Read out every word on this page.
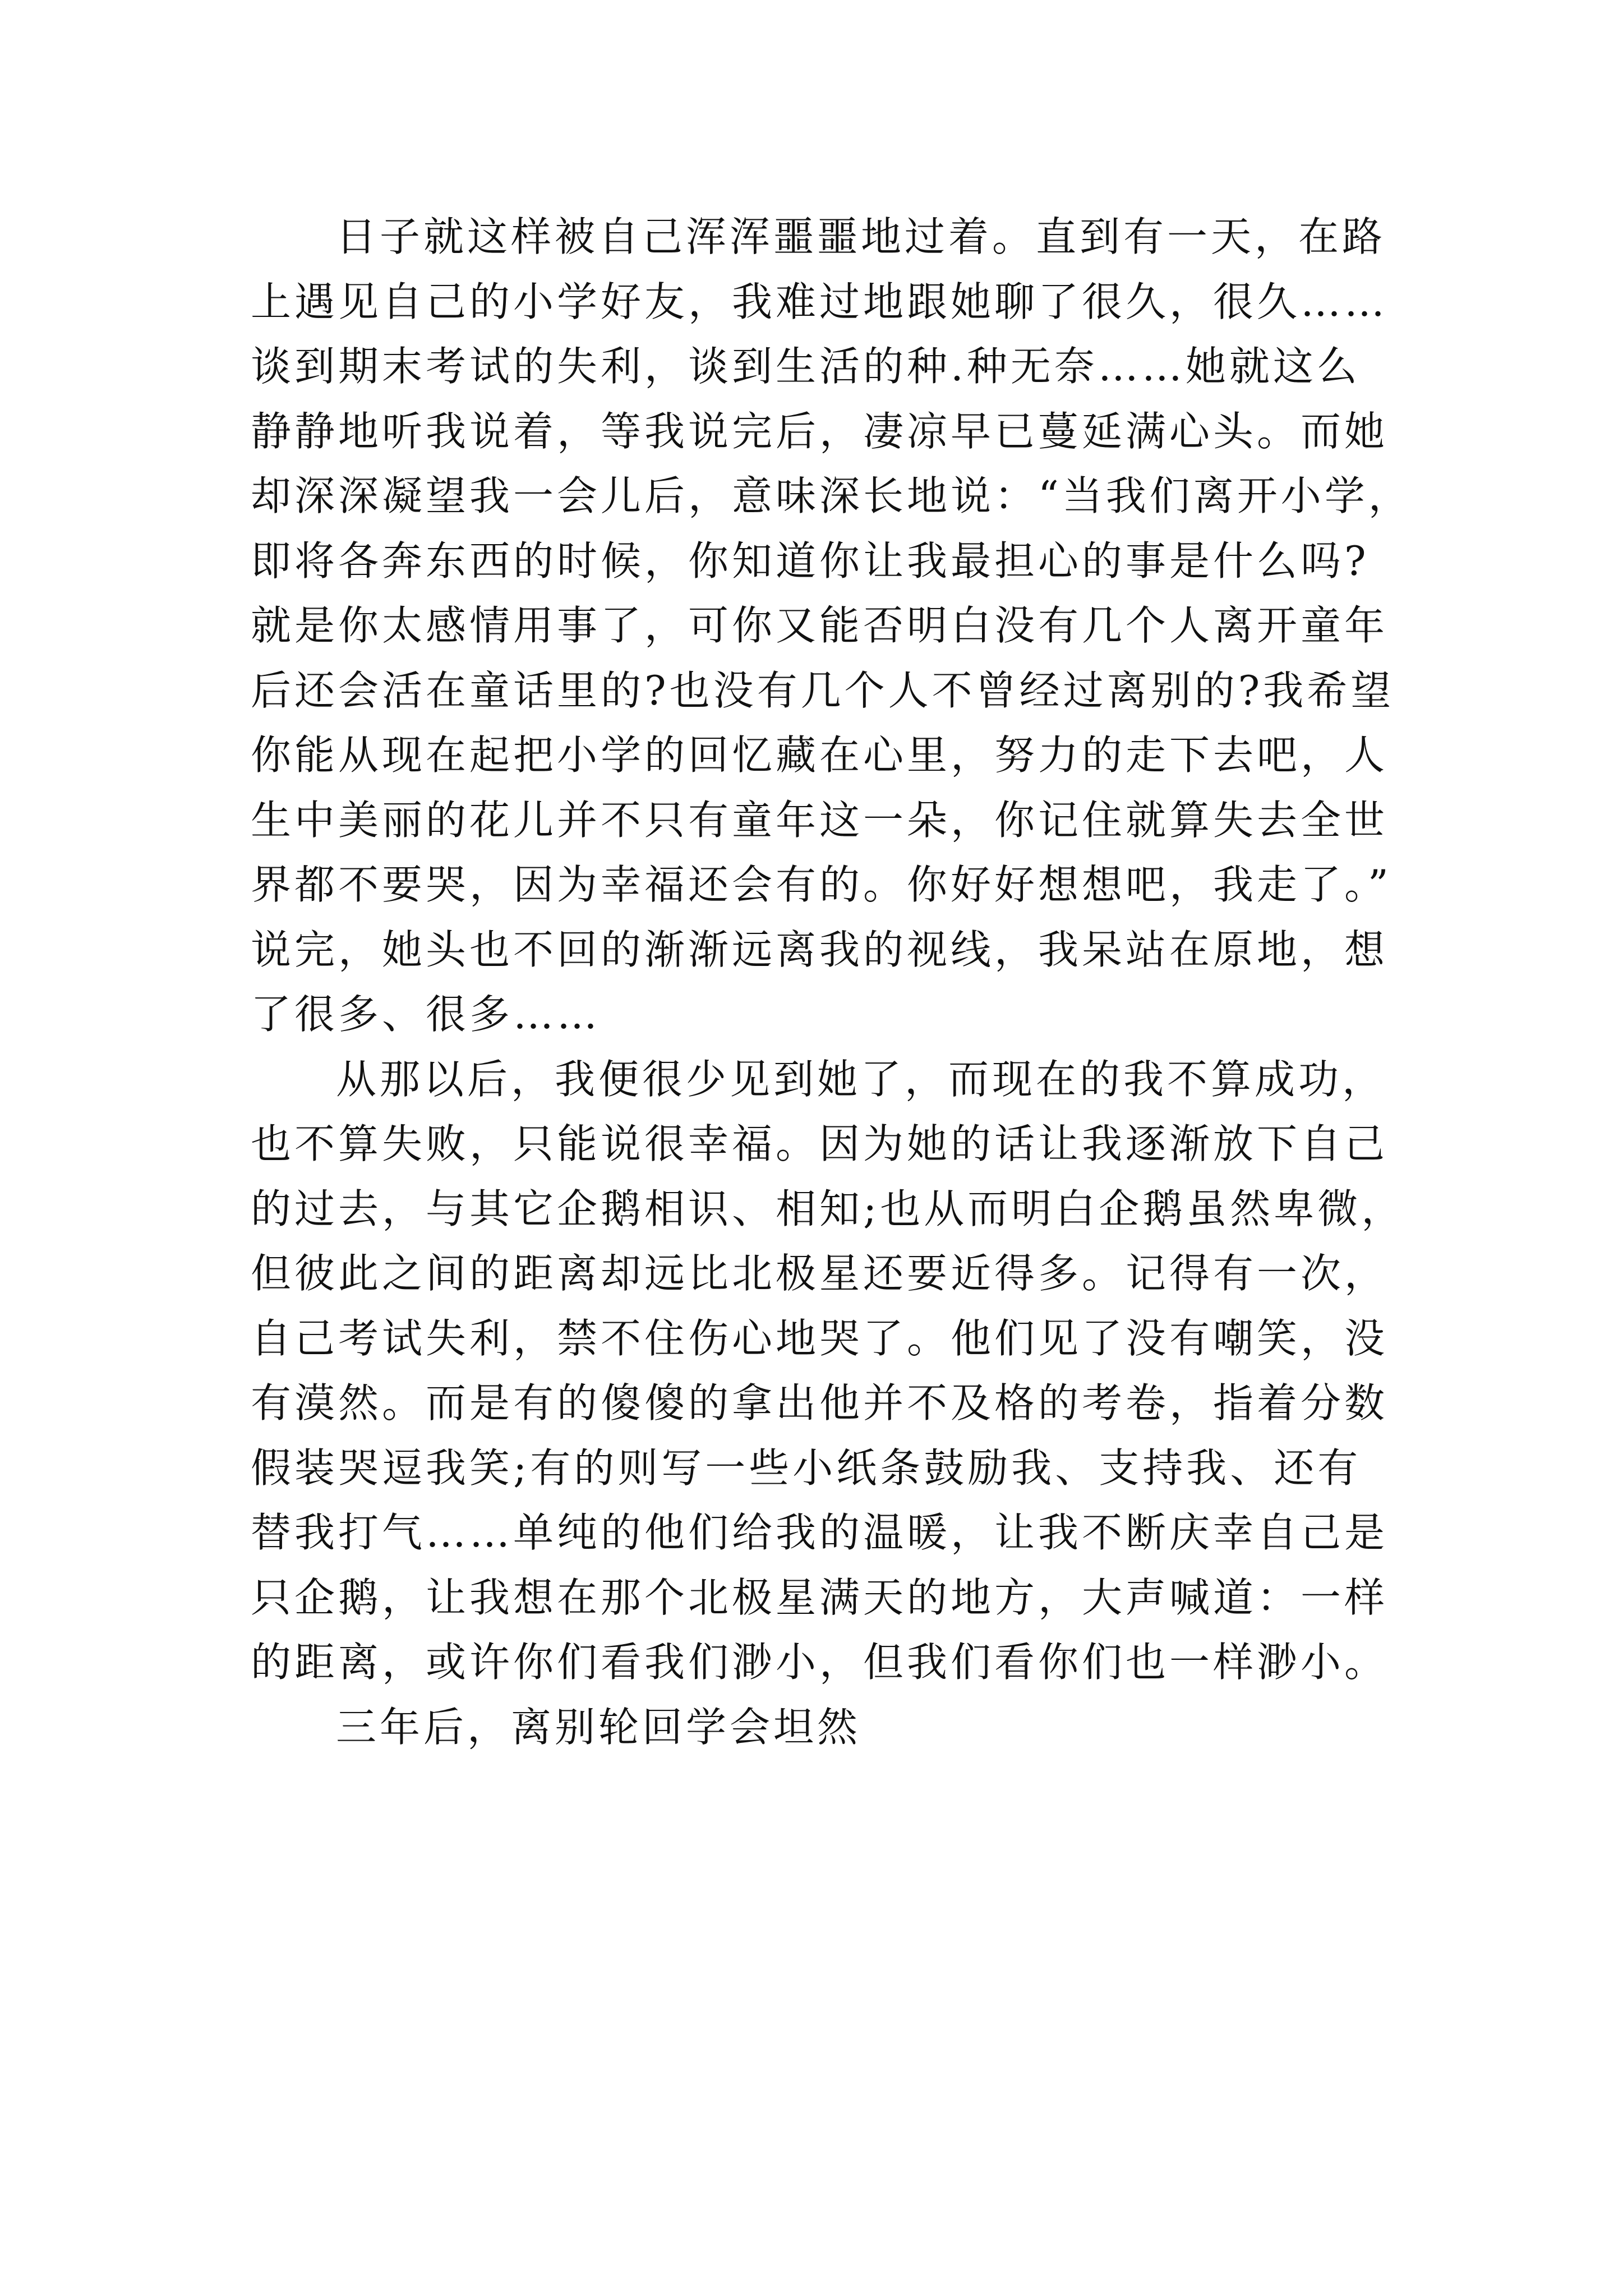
日子就这样被自己浑浑噩噩地过着。直到有一天，在路
上遇见自己的小学好友，我难过地跟她聊了很久，很久……
谈到期末考试的失利，谈到生活的种.种无奈……她就这么
静静地听我说着，等我说完后，凄凉早已蔓延满心头。而她
却深深凝望我一会儿后，意味深长地说：“当我们离开小学，
即将各奔东西的时候，你知道你让我最担心的事是什么吗?
就是你太感情用事了，可你又能否明白没有几个人离开童年
后还会活在童话里的?也没有几个人不曾经过离别的?我希望
你能从现在起把小学的回忆藏在心里，努力的走下去吧，人
生中美丽的花儿并不只有童年这一朵，你记住就算失去全世
界都不要哭，因为幸福还会有的。你好好想想吧，我走了。”
说完，她头也不回的渐渐远离我的视线，我呆站在原地，想
了很多、很多……
从那以后，我便很少见到她了，而现在的我不算成功，
也不算失败，只能说很幸福。因为她的话让我逐渐放下自己
的过去，与其它企鹅相识、相知;也从而明白企鹅虽然卑微，
但彼此之间的距离却远比北极星还要近得多。记得有一次，
自己考试失利，禁不住伤心地哭了。他们见了没有嘲笑，没
有漠然。而是有的傻傻的拿出他并不及格的考卷，指着分数
假装哭逗我笑;有的则写一些小纸条鼓励我、支持我、还有
替我打气……单纯的他们给我的温暖，让我不断庆幸自己是
只企鹅，让我想在那个北极星满天的地方，大声喊道：一样
的距离，或许你们看我们渺小，但我们看你们也一样渺小。
三年后，离别轮回学会坦然
